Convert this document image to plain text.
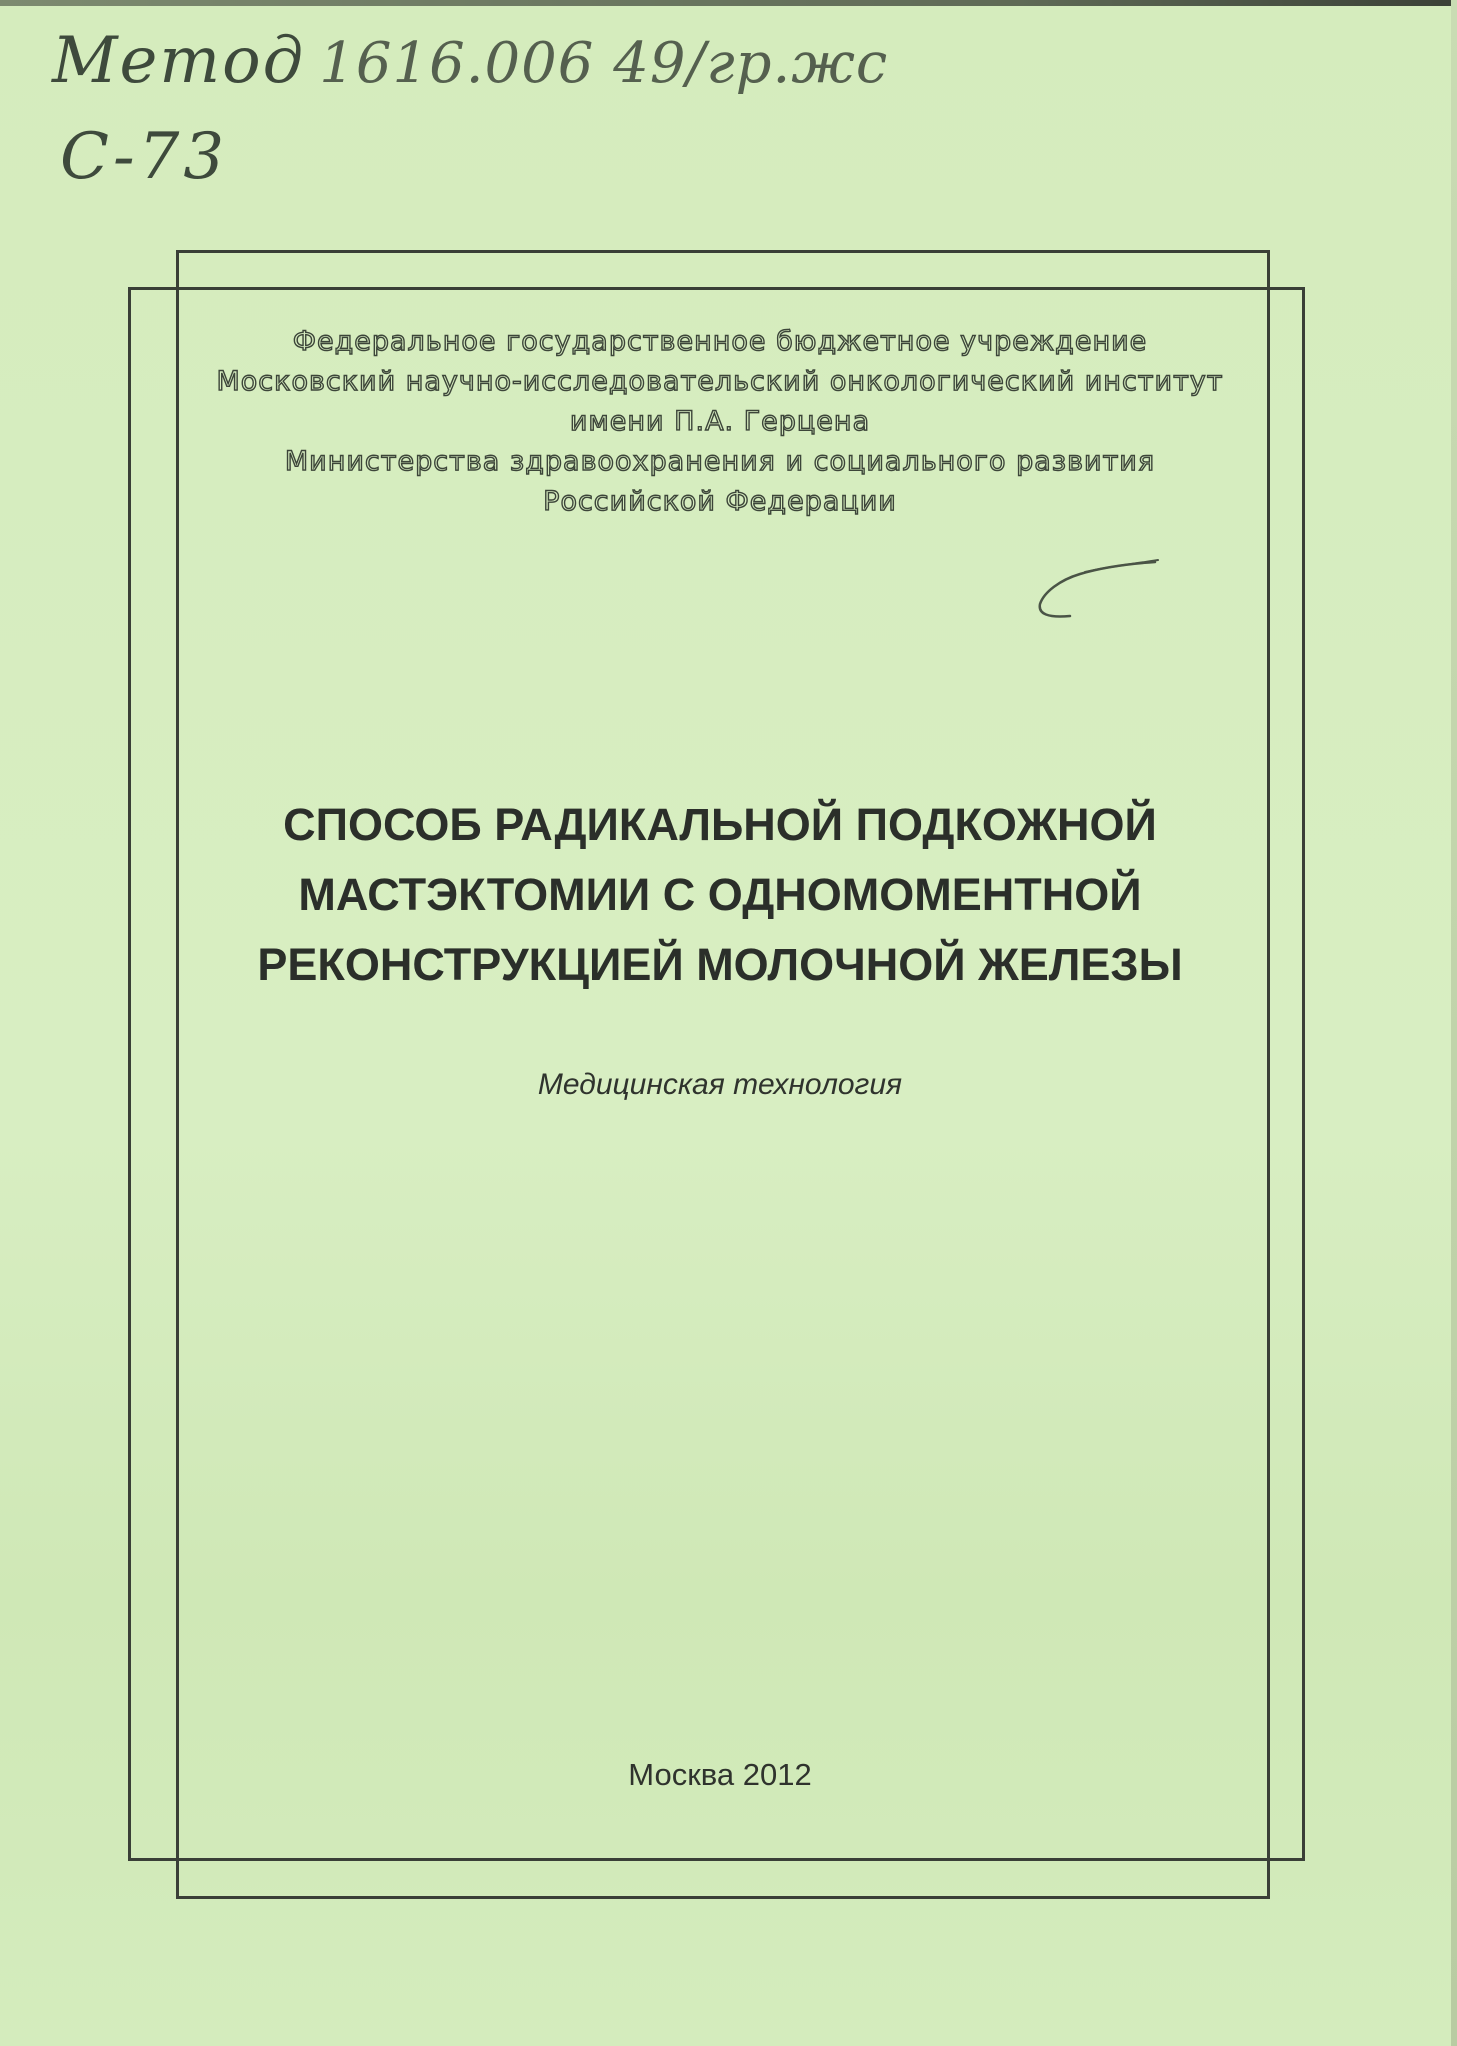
Метод 1616.006 49/гр.жс
С-73
Федеральное государственное бюджетное учреждение
Московский научно-исследовательский онкологический институт
имени П.А. Герцена
Министерства здравоохранения и социального развития
Российской Федерации
СПОСОБ РАДИКАЛЬНОЙ ПОДКОЖНОЙ
МАСТЭКТОМИИ С ОДНОМОМЕНТНОЙ
РЕКОНСТРУКЦИЕЙ МОЛОЧНОЙ ЖЕЛЕЗЫ
Медицинская технология
Москва 2012
